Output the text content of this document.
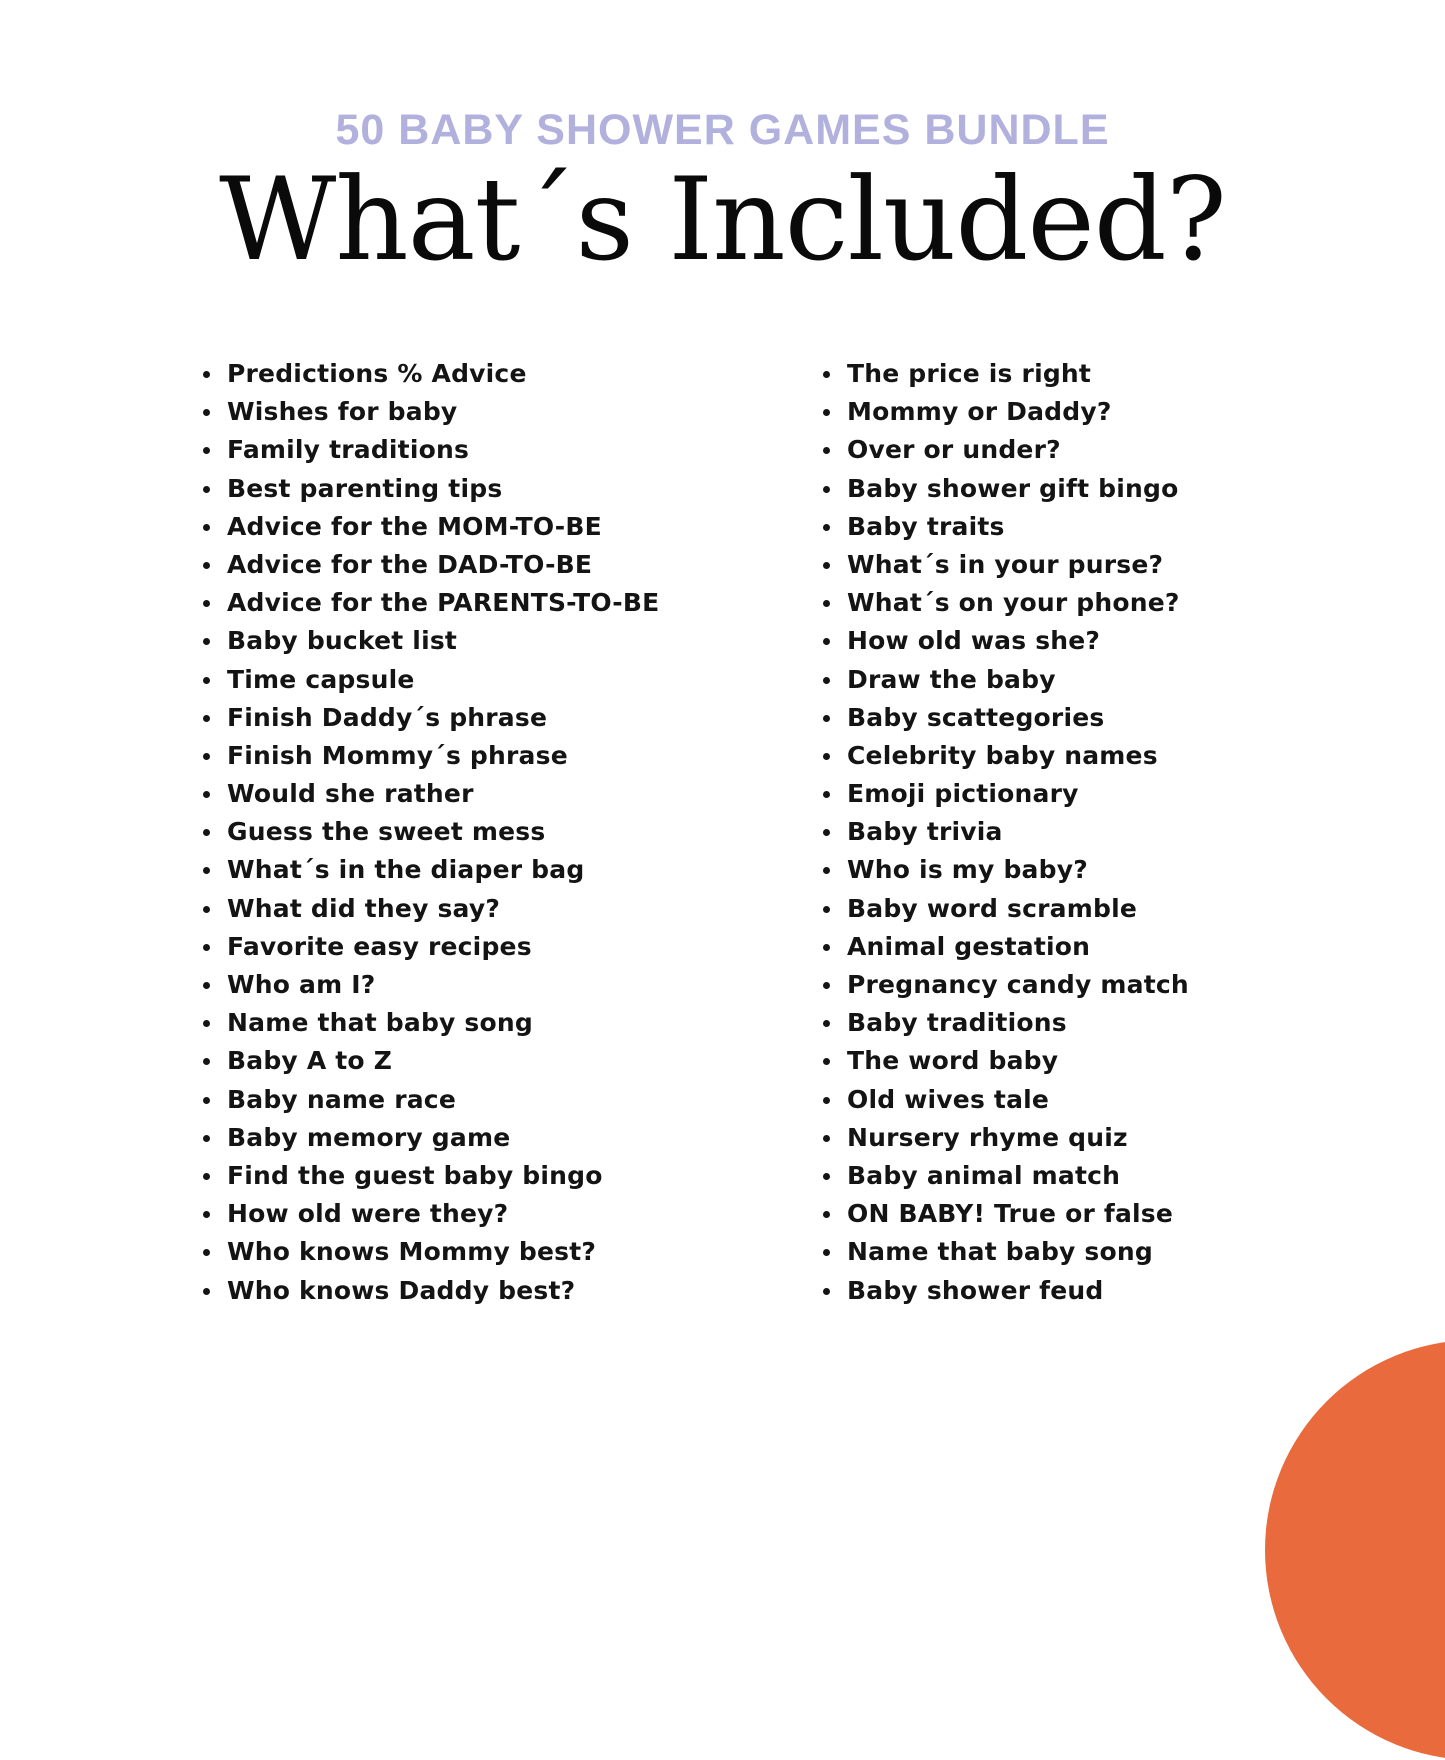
50 BABY SHOWER GAMES BUNDLE
What´s Included?
Predictions % Advice
Wishes for baby
Family traditions
Best parenting tips
Advice for the MOM-TO-BE
Advice for the DAD-TO-BE
Advice for the PARENTS-TO-BE
Baby bucket list
Time capsule
Finish Daddy´s phrase
Finish Mommy´s phrase
Would she rather
Guess the sweet mess
What´s in the diaper bag
What did they say?
Favorite easy recipes
Who am I?
Name that baby song
Baby A to Z
Baby name race
Baby memory game
Find the guest baby bingo
How old were they?
Who knows Mommy best?
Who knows Daddy best?
The price is right
Mommy or Daddy?
Over or under?
Baby shower gift bingo
Baby traits
What´s in your purse?
What´s on your phone?
How old was she?
Draw the baby
Baby scattegories
Celebrity baby names
Emoji pictionary
Baby trivia
Who is my baby?
Baby word scramble
Animal gestation
Pregnancy candy match
Baby traditions
The word baby
Old wives tale
Nursery rhyme quiz
Baby animal match
ON BABY! True or false
Name that baby song
Baby shower feud
